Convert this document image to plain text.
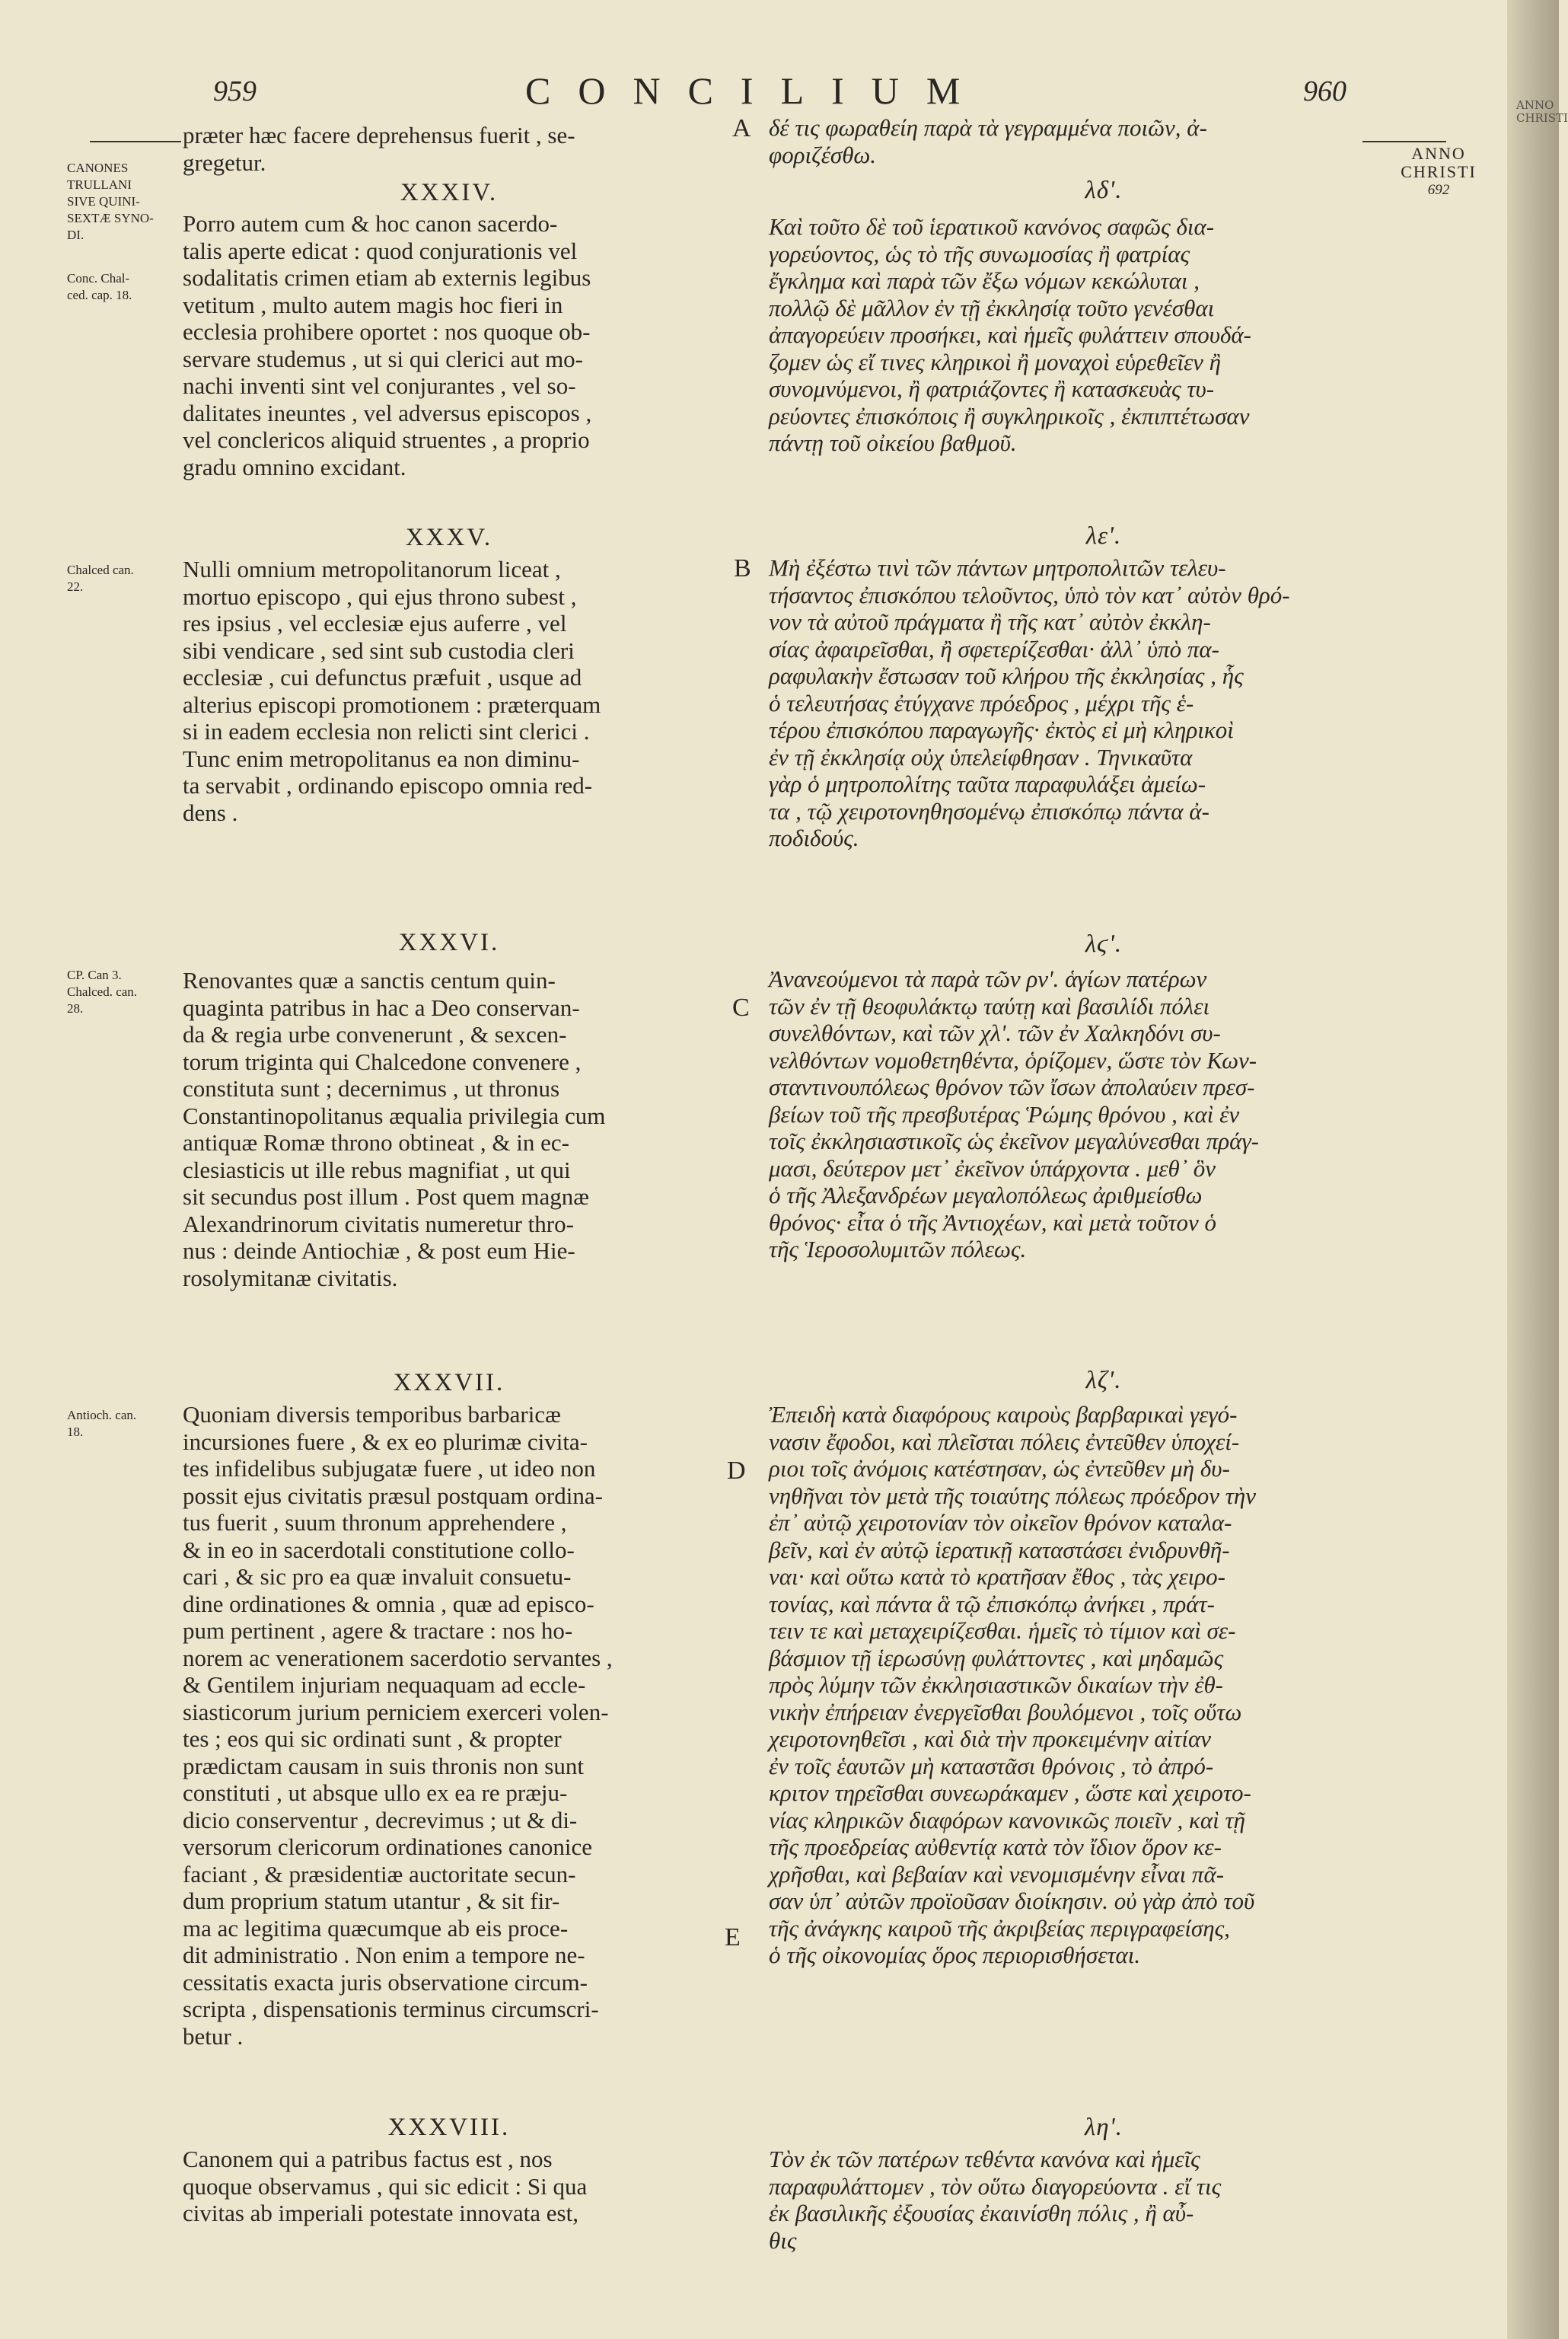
ANNO
CHRISTI
959	CONCILIUM	960
ANNO
CHRISTI
692
CANONES
TRULLANI
SIVE QUINI-
SEXTÆ SYNO-
DI.
Conc. Chal-
ced. cap. 18.
Chalced can.
22.
CP. Can 3.
Chalced. can.
28.
Antioch. can.
18.
A
B
C
D
E

præter hæc facere deprehensus fuerit , se-
gregetur.

XXXIV.

Porro autem cum & hoc canon sacerdo-
talis aperte edicat : quod conjurationis vel
sodalitatis crimen etiam ab externis legibus
vetitum , multo autem magis hoc fieri in
ecclesia prohibere oportet : nos quoque ob-
servare studemus , ut si qui clerici aut mo-
nachi inventi sint vel conjurantes , vel so-
dalitates ineuntes , vel adversus episcopos ,
vel conclericos aliquid struentes , a proprio
gradu omnino excidant.

XXXV.

Nulli omnium metropolitanorum liceat ,
mortuo episcopo , qui ejus throno subest ,
res ipsius , vel ecclesiæ ejus auferre , vel
sibi vendicare , sed sint sub custodia cleri
ecclesiæ , cui defunctus præfuit , usque ad
alterius episcopi promotionem : præterquam
si in eadem ecclesia non relicti sint clerici .
Tunc enim metropolitanus ea non diminu-
ta servabit , ordinando episcopo omnia red-
dens .

XXXVI.

Renovantes quæ a sanctis centum quin-
quaginta patribus in hac a Deo conservan-
da & regia urbe convenerunt , & sexcen-
torum triginta qui Chalcedone convenere ,
constituta sunt ; decernimus , ut thronus
Constantinopolitanus æqualia privilegia cum
antiquæ Romæ throno obtineat , & in ec-
clesiasticis ut ille rebus magnifiat , ut qui
sit secundus post illum . Post quem magnæ
Alexandrinorum civitatis numeretur thro-
nus : deinde Antiochiæ , & post eum Hie-
rosolymitanæ civitatis.

XXXVII.

Quoniam diversis temporibus barbaricæ
incursiones fuere , & ex eo plurimæ civita-
tes infidelibus subjugatæ fuere , ut ideo non
possit ejus civitatis præsul postquam ordina-
tus fuerit , suum thronum apprehendere ,
& in eo in sacerdotali constitutione collo-
cari , & sic pro ea quæ invaluit consuetu-
dine ordinationes & omnia , quæ ad episco-
pum pertinent , agere & tractare : nos ho-
norem ac venerationem sacerdotio servantes ,
& Gentilem injuriam nequaquam ad eccle-
siasticorum jurium perniciem exerceri volen-
tes ; eos qui sic ordinati sunt , & propter
prædictam causam in suis thronis non sunt
constituti , ut absque ullo ex ea re præju-
dicio conserventur , decrevimus ; ut & di-
versorum clericorum ordinationes canonice
faciant , & præsidentiæ auctoritate secun-
dum proprium statum utantur , & sit fir-
ma ac legitima quæcumque ab eis proce-
dit administratio . Non enim a tempore ne-
cessitatis exacta juris observatione circum-
scripta , dispensationis terminus circumscri-
betur .

XXXVIII.

Canonem qui a patribus factus est , nos
quoque observamus , qui sic edicit : Si qua
civitas ab imperiali potestate innovata est,

δέ τις φωραθείη παρὰ τὰ γεγραμμένα ποιῶν, ἀ-
φοριζέσθω.

λδʹ.

Καὶ τοῦτο δὲ τοῦ ἱερατικοῦ κανόνος σαφῶς δια-
γορεύοντος, ὡς τὸ τῆς συνωμοσίας ἢ φατρίας
ἔγκλημα καὶ παρὰ τῶν ἔξω νόμων κεκώλυται ,
πολλῷ δὲ μᾶλλον ἐν τῇ ἐκκλησίᾳ τοῦτο γενέσθαι
ἀπαγορεύειν προσήκει, καὶ ἡμεῖς φυλάττειν σπουδά-
ζομεν ὡς εἴ τινες κληρικοὶ ἢ μοναχοὶ εὑρεθεῖεν ἢ
συνομνύμενοι, ἢ φατριάζοντες ἢ κατασκευὰς τυ-
ρεύοντες ἐπισκόποις ἢ συγκληρικοῖς , ἐκπιπτέτωσαν
πάντῃ τοῦ οἰκείου βαθμοῦ.

λεʹ.

Μὴ ἐξέστω τινὶ τῶν πάντων μητροπολιτῶν τελευ-
τήσαντος ἐπισκόπου τελοῦντος, ὑπὸ τὸν κατ᾽ αὐτὸν θρό-
νον τὰ αὐτοῦ πράγματα ἢ τῆς κατ᾽ αὐτὸν ἐκκλη-
σίας ἀφαιρεῖσθαι, ἢ σφετερίζεσθαι· ἀλλ᾽ ὑπὸ πα-
ραφυλακὴν ἔστωσαν τοῦ κλήρου τῆς ἐκκλησίας , ἧς
ὁ τελευτήσας ἐτύγχανε πρόεδρος , μέχρι τῆς ἑ-
τέρου ἐπισκόπου παραγωγῆς· ἐκτὸς εἰ μὴ κληρικοὶ
ἐν τῇ ἐκκλησίᾳ οὐχ ὑπελείφθησαν . Τηνικαῦτα
γὰρ ὁ μητροπολίτης ταῦτα παραφυλάξει ἀμείω-
τα , τῷ χειροτονηθησομένῳ ἐπισκόπῳ πάντα ἀ-
ποδιδούς.

λϛʹ.

Ἀνανεούμενοι τὰ παρὰ τῶν ρνʹ. ἁγίων πατέρων
τῶν ἐν τῇ θεοφυλάκτῳ ταύτῃ καὶ βασιλίδι πόλει
συνελθόντων, καὶ τῶν χλʹ. τῶν ἐν Χαλκηδόνι συ-
νελθόντων νομοθετηθέντα, ὁρίζομεν, ὥστε τὸν Κων-
σταντινουπόλεως θρόνον τῶν ἴσων ἀπολαύειν πρεσ-
βείων τοῦ τῆς πρεσβυτέρας Ῥώμης θρόνου , καὶ ἐν
τοῖς ἐκκλησιαστικοῖς ὡς ἐκεῖνον μεγαλύνεσθαι πράγ-
μασι, δεύτερον μετ᾽ ἐκεῖνον ὑπάρχοντα . μεθ᾽ ὃν
ὁ τῆς Ἀλεξανδρέων μεγαλοπόλεως ἀριθμείσθω
θρόνος· εἶτα ὁ τῆς Ἀντιοχέων, καὶ μετὰ τοῦτον ὁ
τῆς Ἱεροσολυμιτῶν πόλεως.

λζʹ.

Ἐπειδὴ κατὰ διαφόρους καιροὺς βαρβαρικαὶ γεγό-
νασιν ἔφοδοι, καὶ πλεῖσται πόλεις ἐντεῦθεν ὑποχεί-
ριοι τοῖς ἀνόμοις κατέστησαν, ὡς ἐντεῦθεν μὴ δυ-
νηθῆναι τὸν μετὰ τῆς τοιαύτης πόλεως πρόεδρον τὴν
ἐπ᾽ αὐτῷ χειροτονίαν τὸν οἰκεῖον θρόνον καταλα-
βεῖν, καὶ ἐν αὐτῷ ἱερατικῇ καταστάσει ἐνιδρυνθῆ-
ναι· καὶ οὕτω κατὰ τὸ κρατῆσαν ἔθος , τὰς χειρο-
τονίας, καὶ πάντα ἃ τῷ ἐπισκόπῳ ἀνήκει , πράτ-
τειν τε καὶ μεταχειρίζεσθαι. ἡμεῖς τὸ τίμιον καὶ σε-
βάσμιον τῇ ἱερωσύνῃ φυλάττοντες , καὶ μηδαμῶς
πρὸς λύμην τῶν ἐκκλησιαστικῶν δικαίων τὴν ἐθ-
νικὴν ἐπήρειαν ἐνεργεῖσθαι βουλόμενοι , τοῖς οὕτω
χειροτονηθεῖσι , καὶ διὰ τὴν προκειμένην αἰτίαν
ἐν τοῖς ἑαυτῶν μὴ καταστᾶσι θρόνοις , τὸ ἀπρό-
κριτον τηρεῖσθαι συνεωράκαμεν , ὥστε καὶ χειροτο-
νίας κληρικῶν διαφόρων κανονικῶς ποιεῖν , καὶ τῇ
τῆς προεδρείας αὐθεντίᾳ κατὰ τὸν ἴδιον ὅρον κε-
χρῆσθαι, καὶ βεβαίαν καὶ νενομισμένην εἶναι πᾶ-
σαν ὑπ᾽ αὐτῶν προϊοῦσαν διοίκησιν. οὐ γὰρ ἀπὸ τοῦ
τῆς ἀνάγκης καιροῦ τῆς ἀκριβείας περιγραφείσης,
ὁ τῆς οἰκονομίας ὅρος περιορισθήσεται.

ληʹ.

Τὸν ἐκ τῶν πατέρων τεθέντα κανόνα καὶ ἡμεῖς
παραφυλάττομεν , τὸν οὕτω διαγορεύοντα . εἴ τις
ἐκ βασιλικῆς ἐξουσίας ἐκαινίσθη πόλις , ἢ αὖ-
θις
